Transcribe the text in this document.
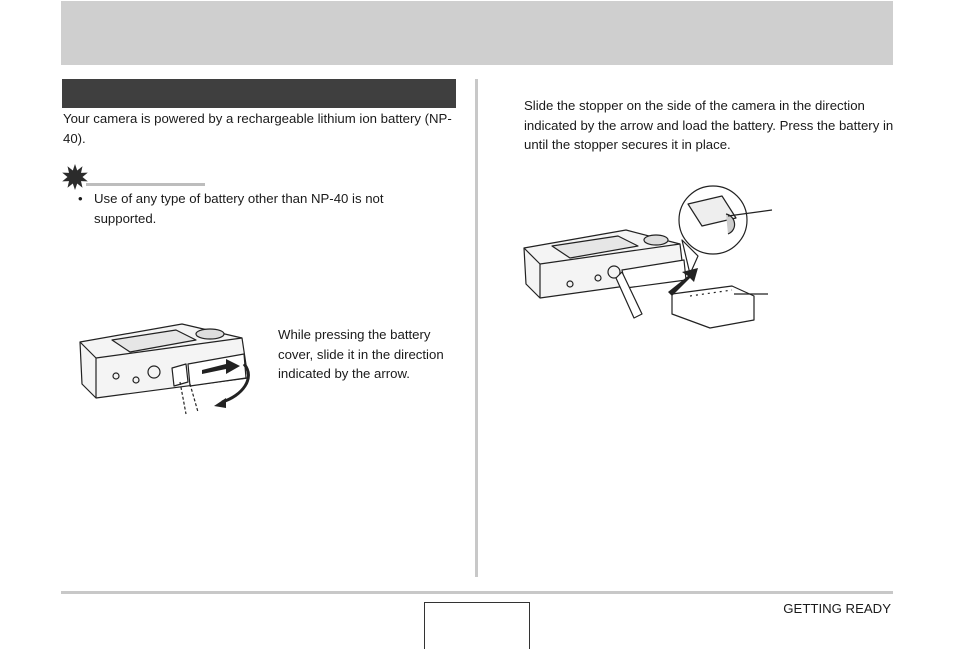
Your camera is powered by a rechargeable lithium ion battery (NP-40).

• Use of any type of battery other than NP-40 is not supported.

While pressing the battery cover, slide it in the direction indicated by the arrow.

Slide the stopper on the side of the camera in the direction indicated by the arrow and load the battery. Press the battery in until the stopper secures it in place.

GETTING READY
